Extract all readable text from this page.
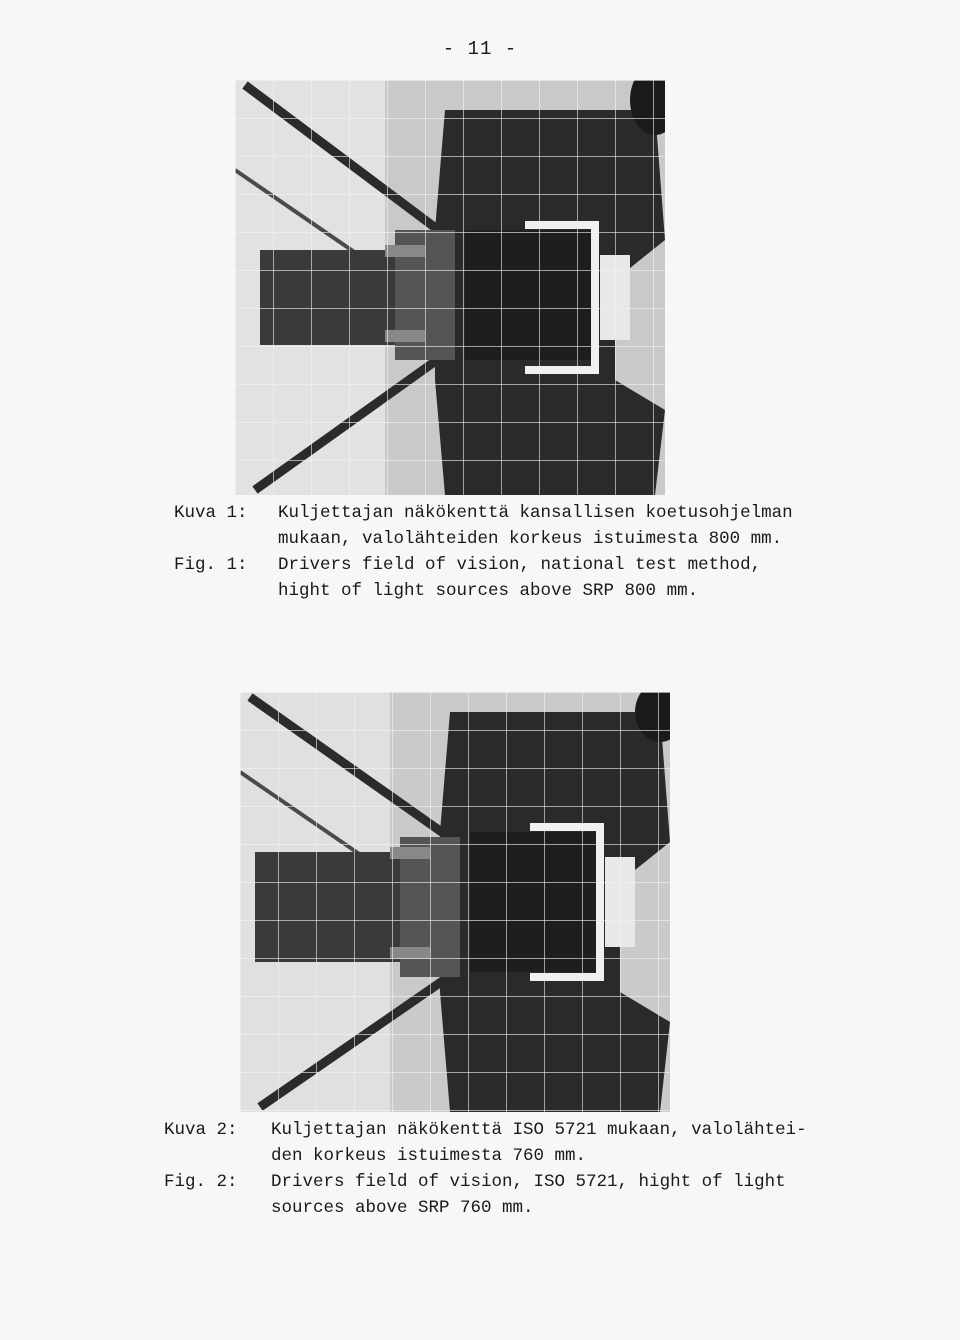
- 11 -
Kuva 1: Kuljettajan näkökenttä kansallisen koetusohjelman
mukaan, valolähteiden korkeus istuimesta 800 mm.
Fig. 1: Drivers field of vision, national test method,
hight of light sources above SRP 800 mm.
Kuva 2: Kuljettajan näkökenttä ISO 5721 mukaan, valolähtei-
den korkeus istuimesta 760 mm.
Fig. 2: Drivers field of vision, ISO 5721, hight of light
sources above SRP 760 mm.
